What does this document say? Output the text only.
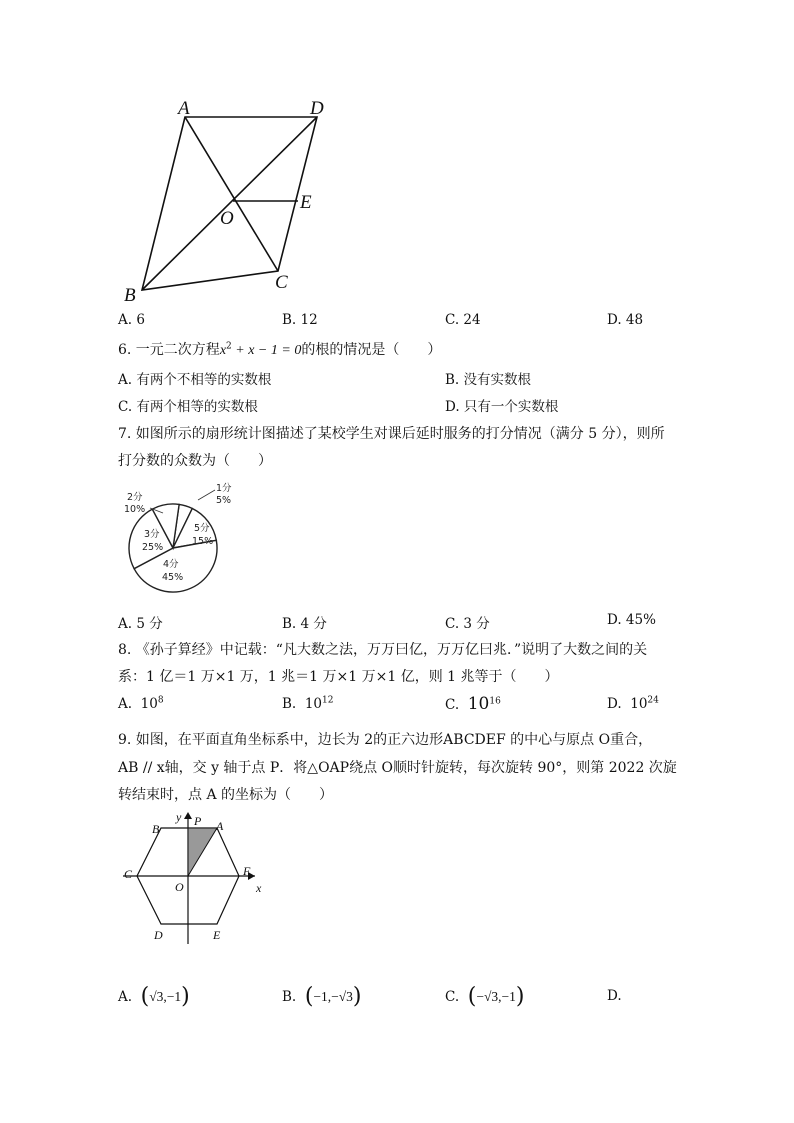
A	D
E
O
C
B
A. 6	B. 12	C. 24	D. 48
6. 一元二次方程$x^2 + x - 1 = 0$的根的情况是（　　）
A. 有两个不相等的实数根	B. 没有实数根
C. 有两个相等的实数根	D. 只有一个实数根
7. 如图所示的扇形统计图描述了某校学生对课后延时服务的打分情况（满分 5 分），则所
打分数的众数为（　　）
1分
5%
5分
15%
4分
45%
3分
25%
2分
10%
A. 5 分	B. 4 分	C. 3 分	D. 45%
8. 《孙子算经》中记载：“凡大数之法，万万曰亿，万万亿曰兆．”说明了大数之间的关
系：1 亿＝1 万×1 万，1 兆＝1 万×1 万×1 亿，则 1 兆等于（　　）
A. $10^8$	B. $10^{12}$	C. $10^{16}$	D. $10^{24}$
9. 如图，在平面直角坐标系中，边长为 2的正六边形ABCDEF 的中心与原点 O重合，
AB // x轴，交 y 轴于点 P．将△OAP绕点 O顺时针旋转，每次旋转 90°，则第 2022 次旋
转结束时，点 A 的坐标为（　　）
y
x
P A
B
C	F
O
D	E
A. (√3,−1)	B. (−1,−√3)	C. (−√3,−1)	D.
